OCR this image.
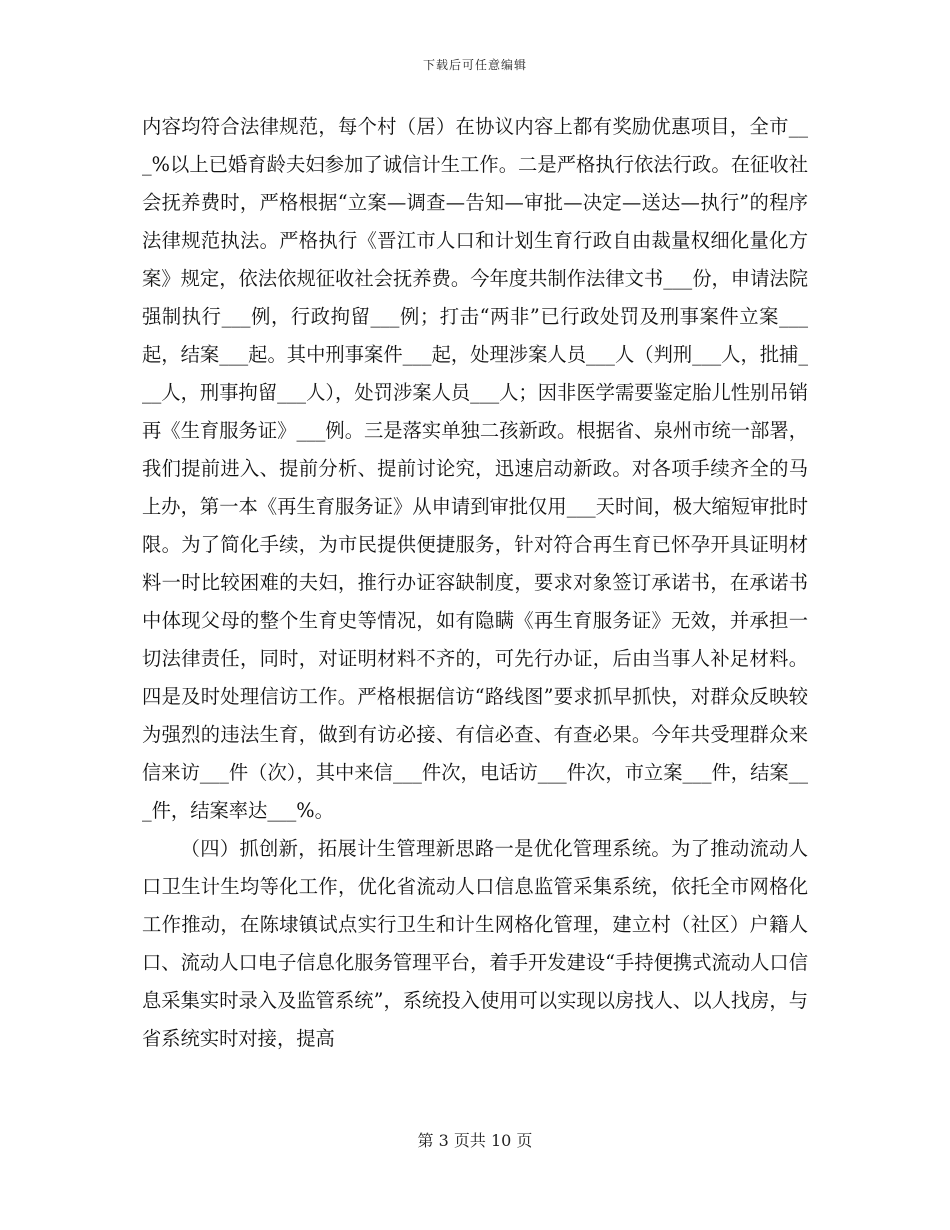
下载后可任意编辑

内容均符合法律规范，每个村（居）在协议内容上都有奖励优惠项目，全市___%以上已婚育龄夫妇参加了诚信计生工作。二是严格执行依法行政。在征收社会抚养费时，严格根据“立案—调查—告知—审批—决定—送达—执行”的程序法律规范执法。严格执行《晋江市人口和计划生育行政自由裁量权细化量化方案》规定，依法依规征收社会抚养费。今年度共制作法律文书___份，申请法院强制执行___例，行政拘留___例；打击“两非”已行政处罚及刑事案件立案___起，结案___起。其中刑事案件___起，处理涉案人员___人（判刑___人，批捕___人，刑事拘留___人），处罚涉案人员___人；因非医学需要鉴定胎儿性别吊销再《生育服务证》___例。三是落实单独二孩新政。根据省、泉州市统一部署，我们提前进入、提前分析、提前讨论究，迅速启动新政。对各项手续齐全的马上办，第一本《再生育服务证》从申请到审批仅用___天时间，极大缩短审批时限。为了简化手续，为市民提供便捷服务，针对符合再生育已怀孕开具证明材料一时比较困难的夫妇，推行办证容缺制度，要求对象签订承诺书，在承诺书中体现父母的整个生育史等情况，如有隐瞒《再生育服务证》无效，并承担一切法律责任，同时，对证明材料不齐的，可先行办证，后由当事人补足材料。四是及时处理信访工作。严格根据信访“路线图”要求抓早抓快，对群众反映较为强烈的违法生育，做到有访必接、有信必查、有查必果。今年共受理群众来信来访___件（次），其中来信___件次，电话访___件次，市立案___件，结案___件，结案率达___%。

（四）抓创新，拓展计生管理新思路一是优化管理系统。为了推动流动人口卫生计生均等化工作，优化省流动人口信息监管采集系统，依托全市网格化工作推动，在陈埭镇试点实行卫生和计生网格化管理，建立村（社区）户籍人口、流动人口电子信息化服务管理平台，着手开发建设“手持便携式流动人口信息采集实时录入及监管系统”，系统投入使用可以实现以房找人、以人找房，与省系统实时对接，提高

第 3 页共 10 页
